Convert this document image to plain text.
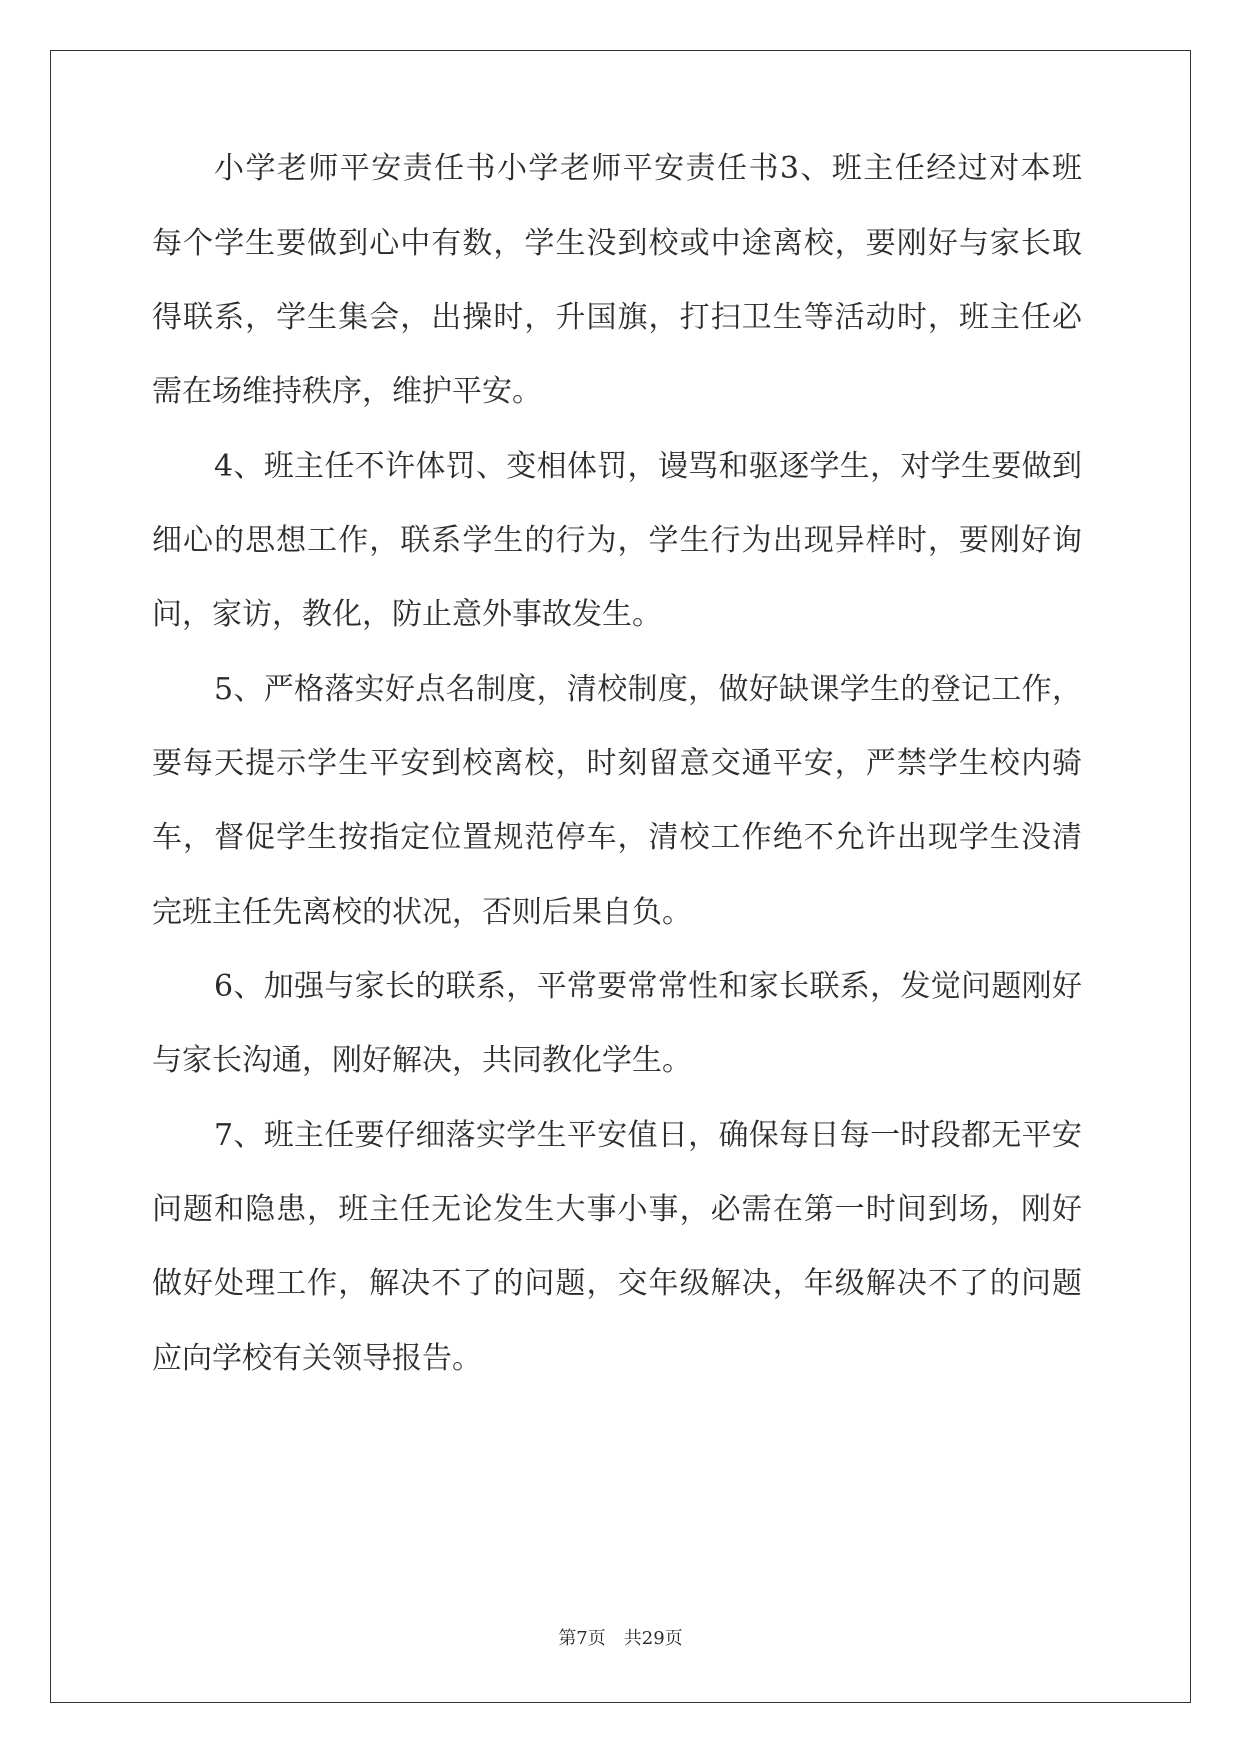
小学老师平安责任书小学老师平安责任书3、班主任经过对本班
每个学生要做到心中有数，学生没到校或中途离校，要刚好与家长取
得联系，学生集会，出操时，升国旗，打扫卫生等活动时，班主任必
需在场维持秩序，维护平安。
4、班主任不许体罚、变相体罚，谩骂和驱逐学生，对学生要做到
细心的思想工作，联系学生的行为，学生行为出现异样时，要刚好询
问，家访，教化，防止意外事故发生。
5、严格落实好点名制度，清校制度，做好缺课学生的登记工作，
要每天提示学生平安到校离校，时刻留意交通平安，严禁学生校内骑
车，督促学生按指定位置规范停车，清校工作绝不允许出现学生没清
完班主任先离校的状况，否则后果自负。
6、加强与家长的联系，平常要常常性和家长联系，发觉问题刚好
与家长沟通，刚好解决，共同教化学生。
7、班主任要仔细落实学生平安值日，确保每日每一时段都无平安
问题和隐患，班主任无论发生大事小事，必需在第一时间到场，刚好
做好处理工作，解决不了的问题，交年级解决，年级解决不了的问题
应向学校有关领导报告。
第7页　共29页
